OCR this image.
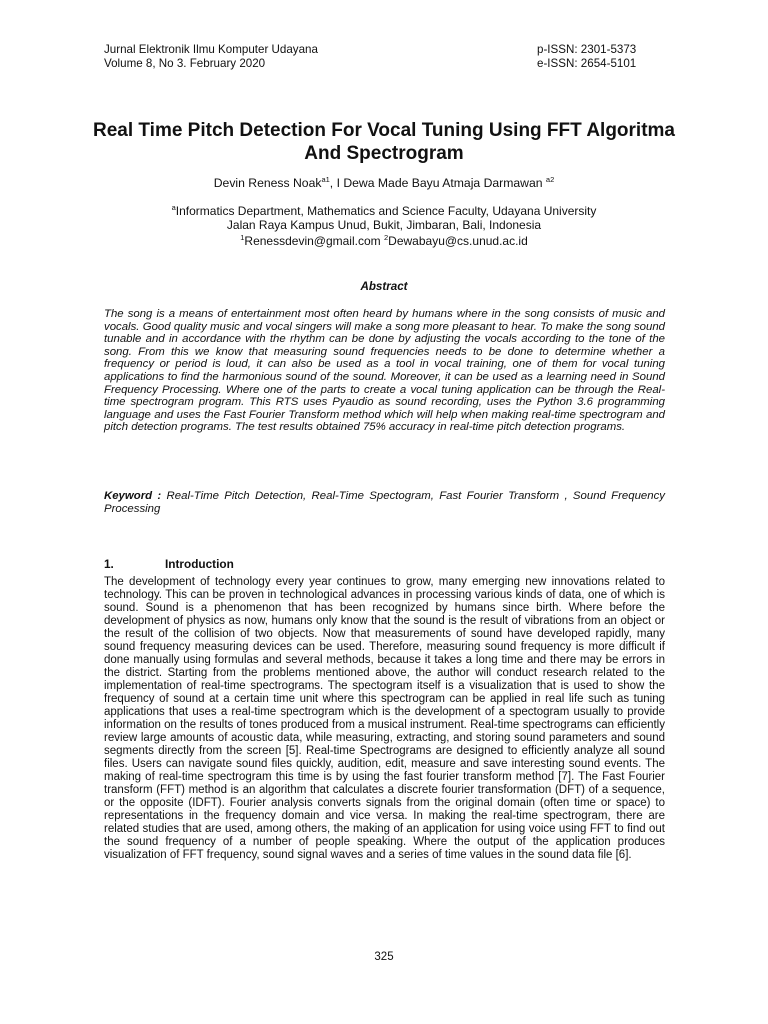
Jurnal Elektronik Ilmu Komputer Udayana
Volume 8, No 3. February 2020
p-ISSN: 2301-5373
e-ISSN: 2654-5101
Real Time Pitch Detection For Vocal Tuning Using FFT Algoritma And Spectrogram
Devin Reness Noak$^{a1}$, I Dewa Made Bayu Atmaja Darmawan $^{a2}$
$^a$Informatics Department, Mathematics and Science Faculty, Udayana University
Jalan Raya Kampus Unud, Bukit, Jimbaran, Bali, Indonesia
$^1$Renessdevin@gmail.com $^2$Dewabayu@cs.unud.ac.id
Abstract
The song is a means of entertainment most often heard by humans where in the song consists of music and vocals. Good quality music and vocal singers will make a song more pleasant to hear. To make the song sound tunable and in accordance with the rhythm can be done by adjusting the vocals according to the tone of the song. From this we know that measuring sound frequencies needs to be done to determine whether a frequency or period is loud, it can also be used as a tool in vocal training, one of them for vocal tuning applications to find the harmonious sound of the sound. Moreover, it can be used as a learning need in Sound Frequency Processing. Where one of the parts to create a vocal tuning application can be through the Real-time spectrogram program. This RTS uses Pyaudio as sound recording, uses the Python 3.6 programming language and uses the Fast Fourier Transform method which will help when making real-time spectrogram and pitch detection programs. The test results obtained 75% accuracy in real-time pitch detection programs.
Keyword : Real-Time Pitch Detection, Real-Time Spectogram, Fast Fourier Transform , Sound Frequency Processing
1.	Introduction
The development of technology every year continues to grow, many emerging new innovations related to technology. This can be proven in technological advances in processing various kinds of data, one of which is sound. Sound is a phenomenon that has been recognized by humans since birth. Where before the development of physics as now, humans only know that the sound is the result of vibrations from an object or the result of the collision of two objects. Now that measurements of sound have developed rapidly, many sound frequency measuring devices can be used. Therefore, measuring sound frequency is more difficult if done manually using formulas and several methods, because it takes a long time and there may be errors in the district. Starting from the problems mentioned above, the author will conduct research related to the implementation of real-time spectrograms. The spectogram itself is a visualization that is used to show the frequency of sound at a certain time unit where this spectrogram can be applied in real life such as tuning applications that uses a real-time spectrogram which is the development of a spectogram usually to provide information on the results of tones produced from a musical instrument. Real-time spectrograms can efficiently review large amounts of acoustic data, while measuring, extracting, and storing sound parameters and sound segments directly from the screen [5]. Real-time Spectrograms are designed to efficiently analyze all sound files. Users can navigate sound files quickly, audition, edit, measure and save interesting sound events. The making of real-time spectrogram this time is by using the fast fourier transform method [7]. The Fast Fourier transform (FFT) method is an algorithm that calculates a discrete fourier transformation (DFT) of a sequence, or the opposite (IDFT). Fourier analysis converts signals from the original domain (often time or space) to representations in the frequency domain and vice versa. In making the real-time spectrogram, there are related studies that are used, among others, the making of an application for using voice using FFT to find out the sound frequency of a number of people speaking. Where the output of the application produces visualization of FFT frequency, sound signal waves and a series of time values in the sound data file [6].
325
